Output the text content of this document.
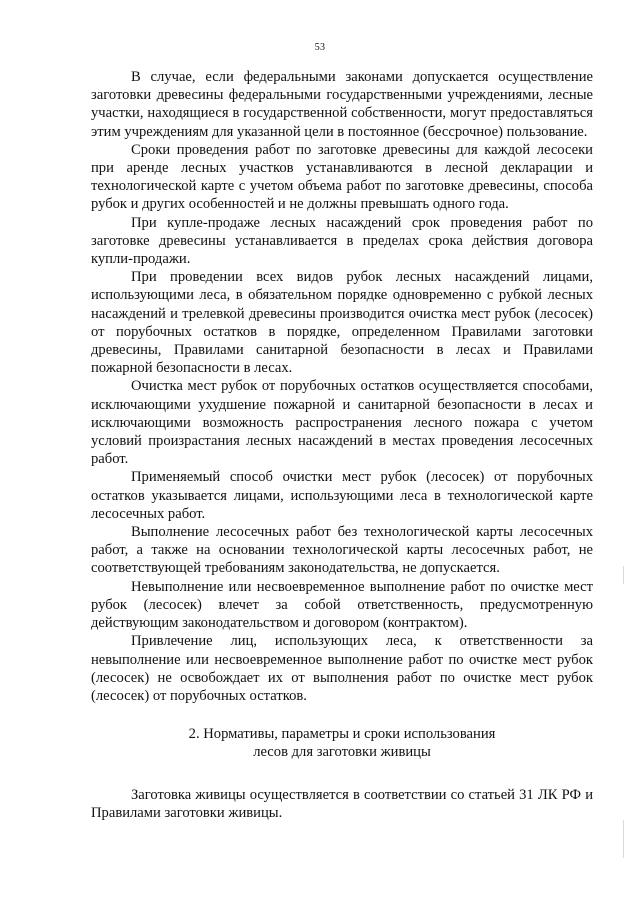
53

В случае, если федеральными законами допускается осуществление заготовки древесины федеральными государственными учреждениями, лесные участки, находящиеся в государственной собственности, могут предоставляться этим учреждениям для указанной цели в постоянное (бессрочное) пользование.

Сроки проведения работ по заготовке древесины для каждой лесосеки при аренде лесных участков устанавливаются в лесной декларации и технологической карте с учетом объема работ по заготовке древесины, способа рубок и других особенностей и не должны превышать одного года.

При купле-продаже лесных насаждений срок проведения работ по заготовке древесины устанавливается в пределах срока действия договора купли-продажи.

При проведении всех видов рубок лесных насаждений лицами, использующими леса, в обязательном порядке одновременно с рубкой лесных насаждений и трелевкой древесины производится очистка мест рубок (лесосек) от порубочных остатков в порядке, определенном Правилами заготовки древесины, Правилами санитарной безопасности в лесах и Правилами пожарной безопасности в лесах.

Очистка мест рубок от порубочных остатков осуществляется способами, исключающими ухудшение пожарной и санитарной безопасности в лесах и исключающими возможность распространения лесного пожара с учетом условий произрастания лесных насаждений в местах проведения лесосечных работ.

Применяемый способ очистки мест рубок (лесосек) от порубочных остатков указывается лицами, использующими леса в технологической карте лесосечных работ.

Выполнение лесосечных работ без технологической карты лесосечных работ, а также на основании технологической карты лесосечных работ, не соответствующей требованиям законодательства, не допускается.

Невыполнение или несвоевременное выполнение работ по очистке мест рубок (лесосек) влечет за собой ответственность, предусмотренную действующим законодательством и договором (контрактом).

Привлечение лиц, использующих леса, к ответственности за невыполнение или несвоевременное выполнение работ по очистке мест рубок (лесосек) не освобождает их от выполнения работ по очистке мест рубок (лесосек) от порубочных остатков.

2. Нормативы, параметры и сроки использования
лесов для заготовки живицы

Заготовка живицы осуществляется в соответствии со статьей 31 ЛК РФ и Правилами заготовки живицы.
